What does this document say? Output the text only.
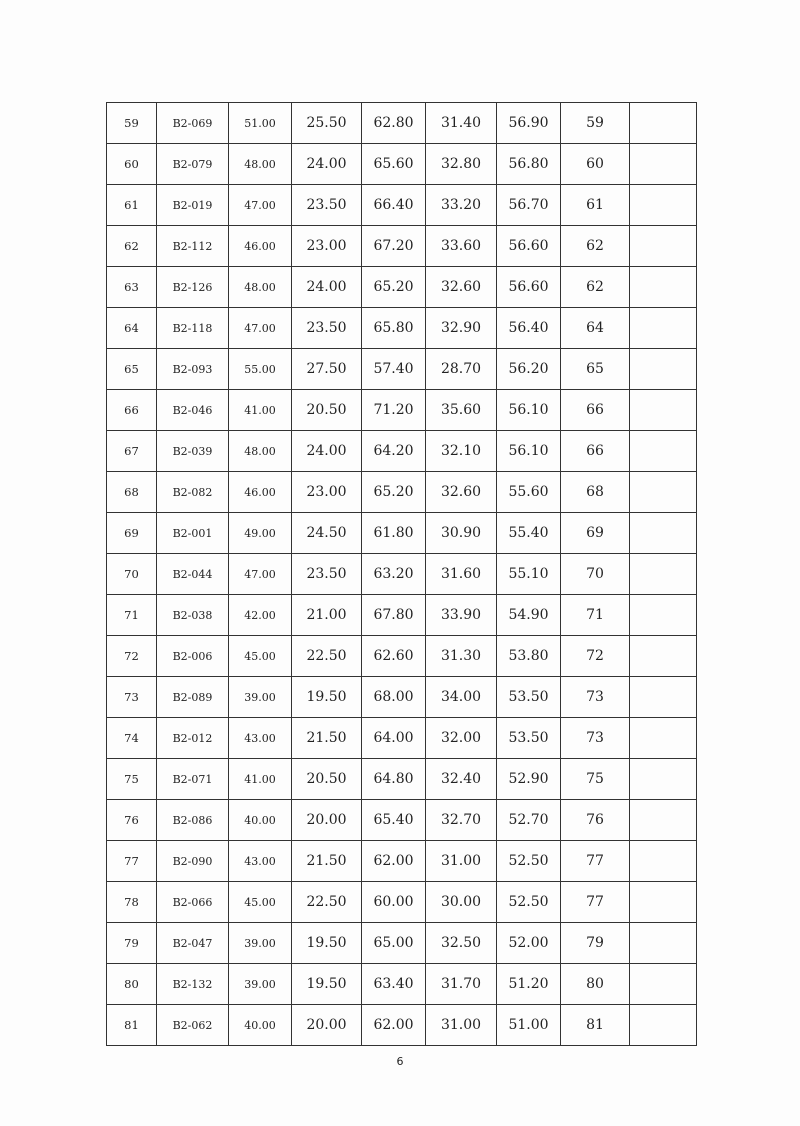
59	B2-069	51.00	25.50	62.80	31.40	56.90	59	
60	B2-079	48.00	24.00	65.60	32.80	56.80	60	
61	B2-019	47.00	23.50	66.40	33.20	56.70	61	
62	B2-112	46.00	23.00	67.20	33.60	56.60	62	
63	B2-126	48.00	24.00	65.20	32.60	56.60	62	
64	B2-118	47.00	23.50	65.80	32.90	56.40	64	
65	B2-093	55.00	27.50	57.40	28.70	56.20	65	
66	B2-046	41.00	20.50	71.20	35.60	56.10	66	
67	B2-039	48.00	24.00	64.20	32.10	56.10	66	
68	B2-082	46.00	23.00	65.20	32.60	55.60	68	
69	B2-001	49.00	24.50	61.80	30.90	55.40	69	
70	B2-044	47.00	23.50	63.20	31.60	55.10	70	
71	B2-038	42.00	21.00	67.80	33.90	54.90	71	
72	B2-006	45.00	22.50	62.60	31.30	53.80	72	
73	B2-089	39.00	19.50	68.00	34.00	53.50	73	
74	B2-012	43.00	21.50	64.00	32.00	53.50	73	
75	B2-071	41.00	20.50	64.80	32.40	52.90	75	
76	B2-086	40.00	20.00	65.40	32.70	52.70	76	
77	B2-090	43.00	21.50	62.00	31.00	52.50	77	
78	B2-066	45.00	22.50	60.00	30.00	52.50	77	
79	B2-047	39.00	19.50	65.00	32.50	52.00	79	
80	B2-132	39.00	19.50	63.40	31.70	51.20	80	
81	B2-062	40.00	20.00	62.00	31.00	51.00	81	
6
